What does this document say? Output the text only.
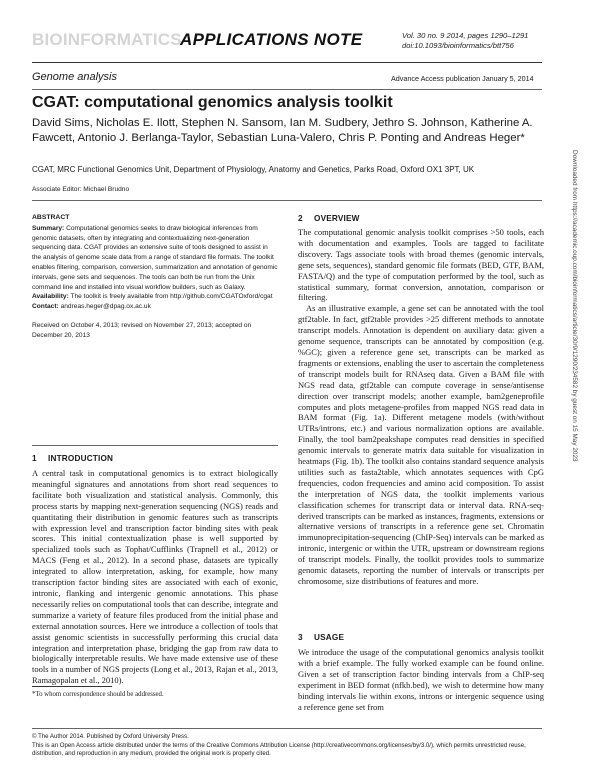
BIOINFORMATICS
APPLICATIONS NOTE	Vol. 30 no. 9 2014, pages 1290–1291
doi:10.1093/bioinformatics/btt756
Genome analysis	Advance Access publication January 5, 2014
CGAT: computational genomics analysis toolkit
David Sims, Nicholas E. Ilott, Stephen N. Sansom, Ian M. Sudbery, Jethro S. Johnson, Katherine A. Fawcett, Antonio J. Berlanga-Taylor, Sebastian Luna-Valero, Chris P. Ponting and Andreas Heger*
CGAT, MRC Functional Genomics Unit, Department of Physiology, Anatomy and Genetics, Parks Road, Oxford OX1 3PT, UK
Associate Editor: Michael Brudno
ABSTRACT

Summary: Computational genomics seeks to draw biological inferences from genomic datasets, often by integrating and contextualizing next-generation sequencing data. CGAT provides an extensive suite of tools designed to assist in the analysis of genome scale data from a range of standard file formats. The toolkit enables filtering, comparison, conversion, summarization and annotation of genomic intervals, gene sets and sequences. The tools can both be run from the Unix command line and installed into visual workflow builders, such as Galaxy.

Availability: The toolkit is freely available from http://github.com/CGATOxford/cgat

Contact: andreas.heger@dpag.ox.ac.uk

Received on October 4, 2013; revised on November 27, 2013; accepted on December 20, 2013

1 INTRODUCTION

A central task in computational genomics is to extract biologically meaningful signatures and annotations from short read sequences to facilitate both visualization and statistical analysis. Commonly, this process starts by mapping next-generation sequencing (NGS) reads and quantitating their distribution in genomic features such as transcripts with expression level and transcription factor binding sites with peak scores. This initial contextualization phase is well supported by specialized tools such as Tophat/Cufflinks (Trapnell et al., 2012) or MACS (Feng et al., 2012). In a second phase, datasets are typically integrated to allow interpretation, asking, for example, how many transcription factor binding sites are associated with each of exonic, intronic, flanking and intergenic genomic annotations. This phase necessarily relies on computational tools that can describe, integrate and summarize a variety of feature files produced from the initial phase and external annotation sources. Here we introduce a collection of tools that assist genomic scientists in successfully performing this crucial data integration and interpretation phase, bridging the gap from raw data to biologically interpretable results. We have made extensive use of these tools in a number of NGS projects (Long et al., 2013, Rajan et al., 2013, Ramagopalan et al., 2010).

*To whom correspondence should be addressed.
2 OVERVIEW

The computational genomic analysis toolkit comprises >50 tools, each with documentation and examples. Tools are tagged to facilitate discovery. Tags associate tools with broad themes (genomic intervals, gene sets, sequences), standard genomic file formats (BED, GTF, BAM, FASTA/Q) and the type of computation performed by the tool, such as statistical summary, format conversion, annotation, comparison or filtering.

As an illustrative example, a gene set can be annotated with the tool gtf2table. In fact, gtf2table provides >25 different methods to annotate transcript models. Annotation is dependent on auxiliary data: given a genome sequence, transcripts can be annotated by composition (e.g. %GC); given a reference gene set, transcripts can be marked as fragments or extensions, enabling the user to ascertain the completeness of transcript models built for RNAseq data. Given a BAM file with NGS read data, gtf2table can compute coverage in sense/antisense direction over transcript models; another example, bam2geneprofile computes and plots metagene-profiles from mapped NGS read data in BAM format (Fig. 1a). Different metagene models (with/without UTRs/introns, etc.) and various normalization options are available. Finally, the tool bam2peakshape computes read densities in specified genomic intervals to generate matrix data suitable for visualization in heatmaps (Fig. 1b). The toolkit also contains standard sequence analysis utilities such as fasta2table, which annotates sequences with CpG frequencies, codon frequencies and amino acid composition. To assist the interpretation of NGS data, the toolkit implements various classification schemes for transcript data or interval data. RNA-seq-derived transcripts can be marked as instances, fragments, extensions or alternative versions of transcripts in a reference gene set. Chromatin immunoprecipitation-sequencing (ChIP-Seq) intervals can be marked as intronic, intergenic or within the UTR, upstream or downstream regions of transcript models. Finally, the toolkit provides tools to summarize genomic datasets, reporting the number of intervals or transcripts per chromosome, size distributions of features and more.

3 USAGE

We introduce the usage of the computational genomics analysis toolkit with a brief example. The fully worked example can be found online. Given a set of transcription factor binding intervals from a ChIP-seq experiment in BED format (nfkb.bed), we wish to determine how many binding intervals lie within exons, introns or intergenic sequence using a reference gene set from

© The Author 2014. Published by Oxford University Press.
This is an Open Access article distributed under the terms of the Creative Commons Attribution License (http://creativecommons.org/licenses/by/3.0/), which permits unrestricted reuse, distribution, and reproduction in any medium, provided the original work is properly cited.
Downloaded from https://academic.oup.com/bioinformatics/article/30/9/1290/234582 by guest on 15 May 2023
